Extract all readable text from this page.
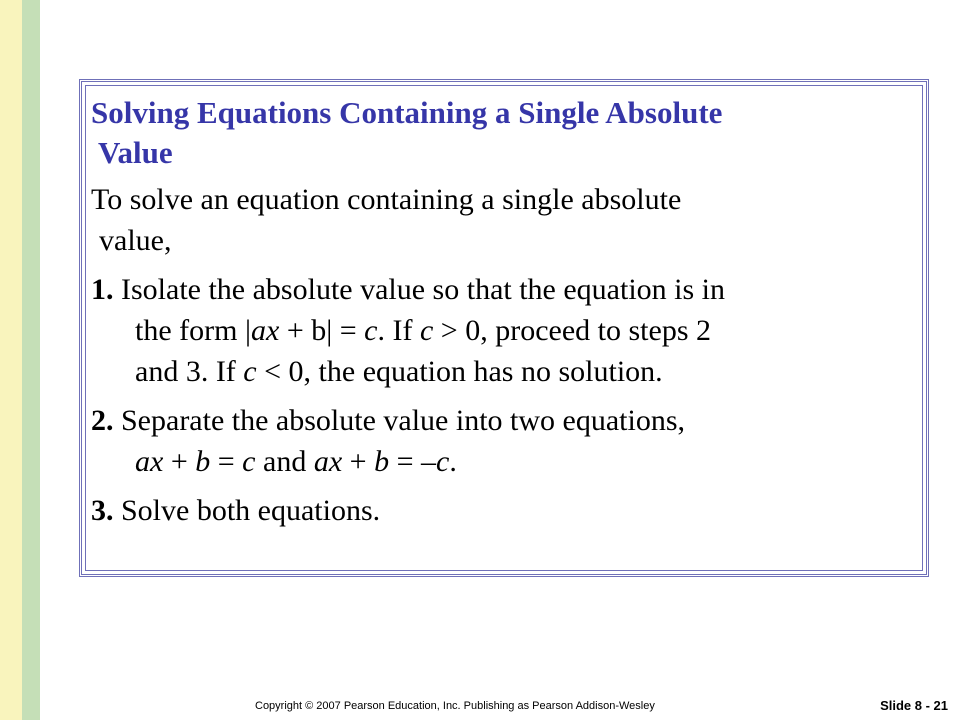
Solving Equations Containing a Single Absolute
Value
To solve an equation containing a single absolute
value,
1. Isolate the absolute value so that the equation is in
the form |ax + b| = c. If c > 0, proceed to steps 2
and 3. If c < 0, the equation has no solution.
2. Separate the absolute value into two equations,
ax + b = c and ax + b = –c.
3. Solve both equations.
Copyright © 2007 Pearson Education, Inc. Publishing as Pearson Addison-Wesley	Slide 8 - 21
